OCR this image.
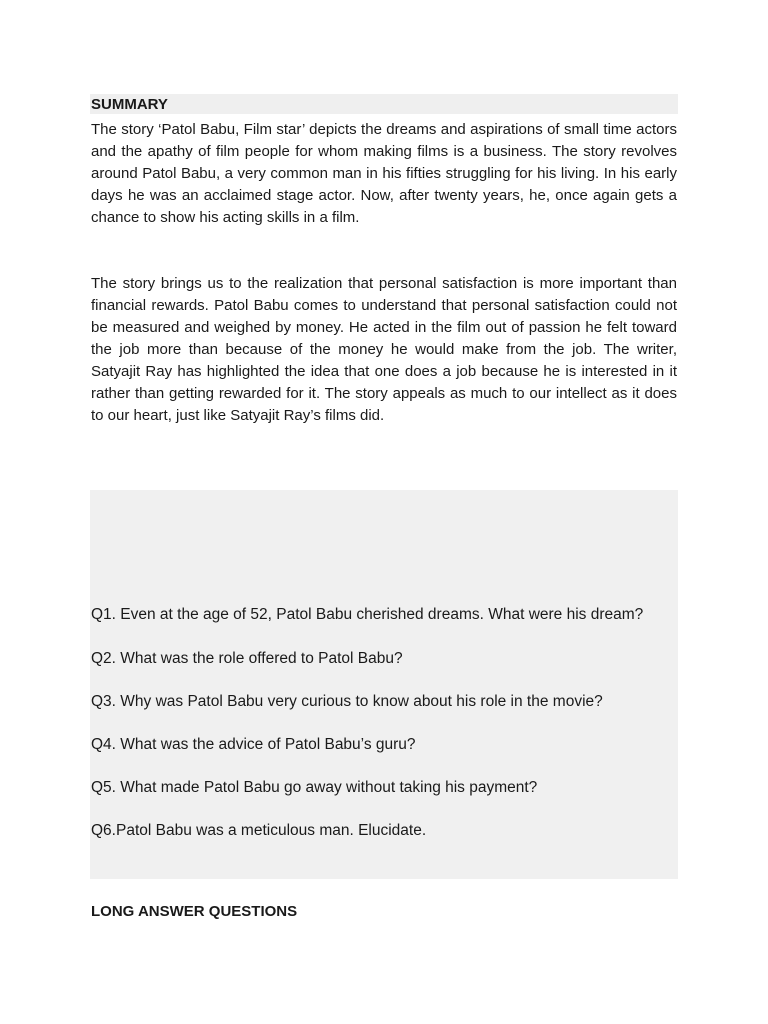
SUMMARY

The story ‘Patol Babu, Film star’ depicts the dreams and aspirations of small time actors and the apathy of film people for whom making films is a business. The story revolves around Patol Babu, a very common man in his fifties struggling for his living. In his early days he was an acclaimed stage actor. Now, after twenty years, he, once again gets a chance to show his acting skills in a film.

The story brings us to the realization that personal satisfaction is more important than financial rewards. Patol Babu comes to understand that personal satisfaction could not be measured and weighed by money. He acted in the film out of passion he felt toward the job more than because of the money he would make from the job. The writer, Satyajit Ray has highlighted the idea that one does a job because he is interested in it rather than getting rewarded for it. The story appeals as much to our intellect as it does to our heart, just like Satyajit Ray’s films did.

Q1. Even at the age of 52, Patol Babu cherished dreams. What were his dream?

Q2. What was the role offered to Patol Babu?

Q3. Why was Patol Babu very curious to know about his role in the movie?

Q4. What was the advice of Patol Babu’s guru?

Q5. What made Patol Babu go away without taking his payment?

Q6.Patol Babu was a meticulous man. Elucidate.

LONG ANSWER QUESTIONS
